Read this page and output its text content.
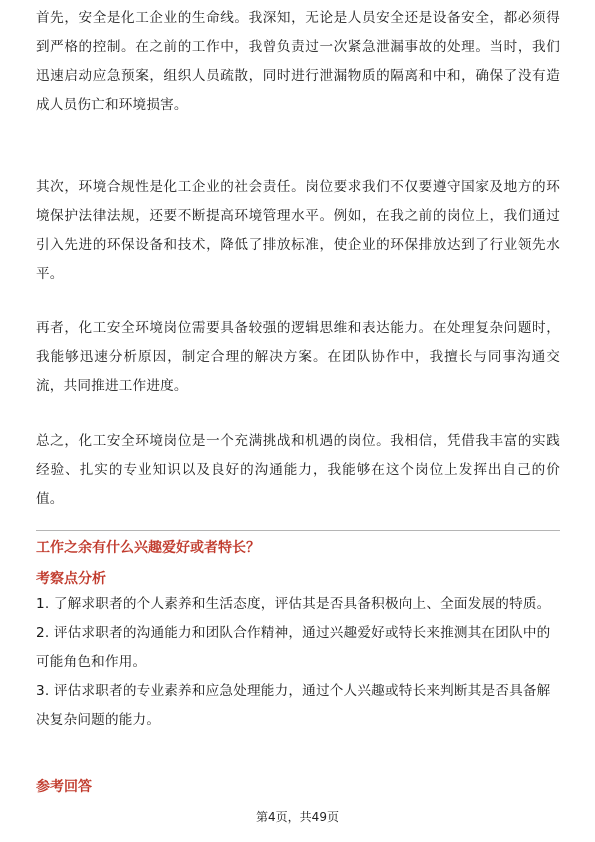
首先，安全是化工企业的生命线。我深知，无论是人员安全还是设备安全，都必须得到严格的控制。在之前的工作中，我曾负责过一次紧急泄漏事故的处理。当时，我们迅速启动应急预案，组织人员疏散，同时进行泄漏物质的隔离和中和，确保了没有造成人员伤亡和环境损害。

其次，环境合规性是化工企业的社会责任。岗位要求我们不仅要遵守国家及地方的环境保护法律法规，还要不断提高环境管理水平。例如，在我之前的岗位上，我们通过引入先进的环保设备和技术，降低了排放标准，使企业的环保排放达到了行业领先水平。

再者，化工安全环境岗位需要具备较强的逻辑思维和表达能力。在处理复杂问题时，我能够迅速分析原因，制定合理的解决方案。在团队协作中，我擅长与同事沟通交流，共同推进工作进度。

总之，化工安全环境岗位是一个充满挑战和机遇的岗位。我相信，凭借我丰富的实践经验、扎实的专业知识以及良好的沟通能力，我能够在这个岗位上发挥出自己的价值。

工作之余有什么兴趣爱好或者特长？

考察点分析

1. 了解求职者的个人素养和生活态度，评估其是否具备积极向上、全面发展的特质。
2. 评估求职者的沟通能力和团队合作精神，通过兴趣爱好或特长来推测其在团队中的可能角色和作用。
3. 评估求职者的专业素养和应急处理能力，通过个人兴趣或特长来判断其是否具备解决复杂问题的能力。

参考回答

第4页，共49页
